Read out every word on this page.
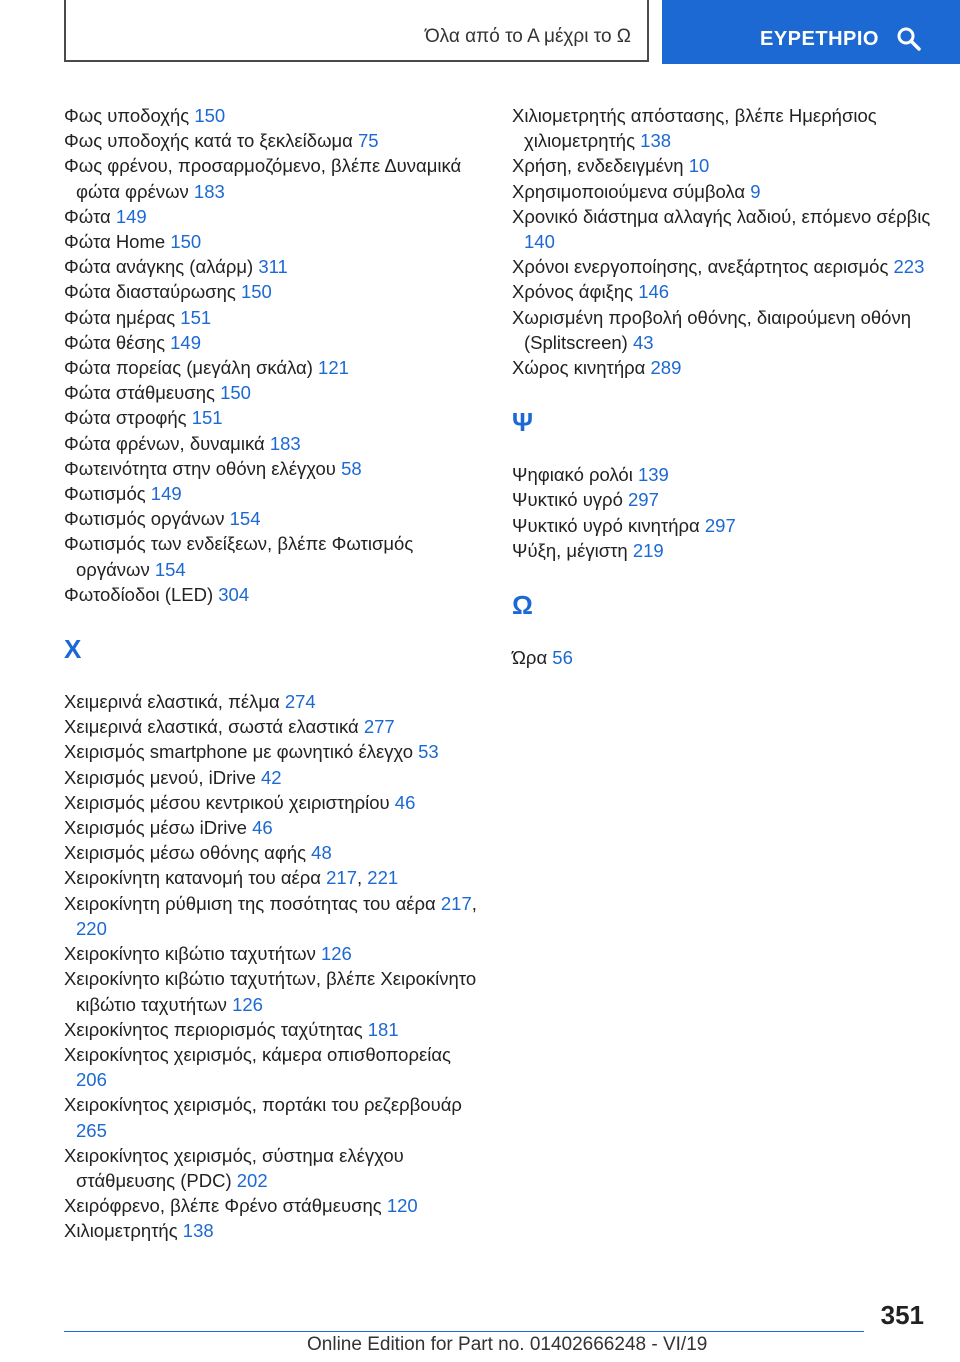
Όλα από το Α μέχρι το Ω	ΕΥΡΕΤΗΡΙΟ
Φως υποδοχής 150
Φως υποδοχής κατά το ξεκλείδωμα 75
Φως φρένου, προσαρμοζόμενο, βλέπε Δυναμικά φώτα φρένων 183
Φώτα 149
Φώτα Home 150
Φώτα ανάγκης (αλάρμ) 311
Φώτα διασταύρωσης 150
Φώτα ημέρας 151
Φώτα θέσης 149
Φώτα πορείας (μεγάλη σκάλα) 121
Φώτα στάθμευσης 150
Φώτα στροφής 151
Φώτα φρένων, δυναμικά 183
Φωτεινότητα στην οθόνη ελέγχου 58
Φωτισμός 149
Φωτισμός οργάνων 154
Φωτισμός των ενδείξεων, βλέπε Φωτισμός οργάνων 154
Φωτοδίοδοι (LED) 304
Χ
Χειμερινά ελαστικά, πέλμα 274
Χειμερινά ελαστικά, σωστά ελαστικά 277
Χειρισμός smartphone με φωνητικό έλεγχο 53
Χειρισμός μενού, iDrive 42
Χειρισμός μέσου κεντρικού χειριστηρίου 46
Χειρισμός μέσω iDrive 46
Χειρισμός μέσω οθόνης αφής 48
Χειροκίνητη κατανομή του αέρα 217, 221
Χειροκίνητη ρύθμιση της ποσότητας του αέρα 217, 220
Χειροκίνητο κιβώτιο ταχυτήτων 126
Χειροκίνητο κιβώτιο ταχυτήτων, βλέπε Χειροκίνητο κιβώτιο ταχυτήτων 126
Χειροκίνητος περιορισμός ταχύτητας 181
Χειροκίνητος χειρισμός, κάμερα οπισθοπορείας 206
Χειροκίνητος χειρισμός, πορτάκι του ρεζερβουάρ 265
Χειροκίνητος χειρισμός, σύστημα ελέγχου στάθμευσης (PDC) 202
Χειρόφρενο, βλέπε Φρένο στάθμευσης 120
Χιλιομετρητής 138
Χιλιομετρητής απόστασης, βλέπε Ημερήσιος χιλιομετρητής 138
Χρήση, ενδεδειγμένη 10
Χρησιμοποιούμενα σύμβολα 9
Χρονικό διάστημα αλλαγής λαδιού, επόμενο σέρβις 140
Χρόνοι ενεργοποίησης, ανεξάρτητος αερισμός 223
Χρόνος άφιξης 146
Χωρισμένη προβολή οθόνης, διαιρούμενη οθόνη (Splitscreen) 43
Χώρος κινητήρα 289
Ψ
Ψηφιακό ρολόι 139
Ψυκτικό υγρό 297
Ψυκτικό υγρό κινητήρα 297
Ψύξη, μέγιστη 219
Ω
Ώρα 56
351
Online Edition for Part no. 01402666248 - VI/19
